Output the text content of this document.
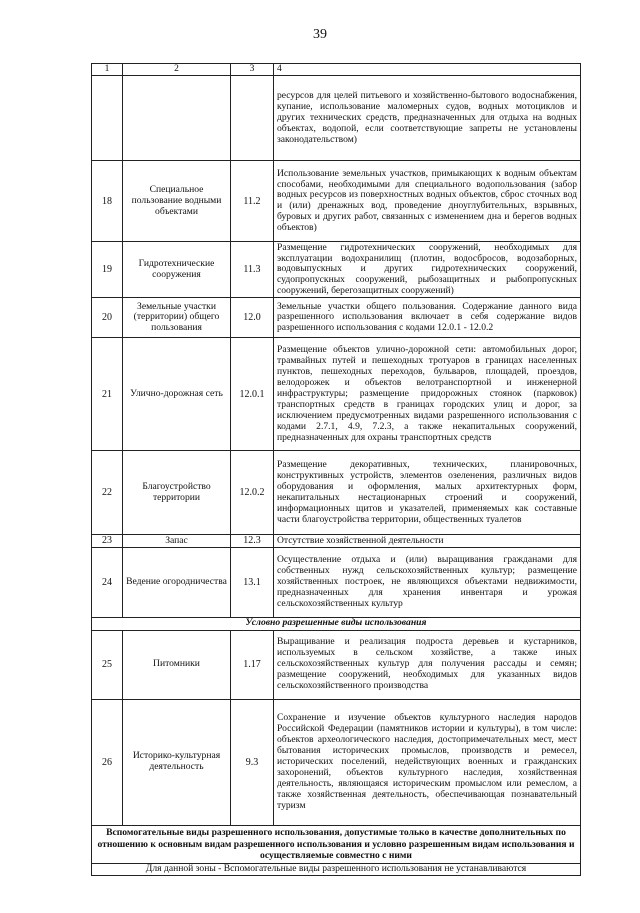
39
1	2	3	4
			ресурсов для целей питьевого и хозяйственно-бытового водоснабжения, купание, использование маломерных судов, водных мотоциклов и других технических средств, предназначенных для отдыха на водных объектах, водопой, если соответствующие запреты не установлены законодательством)
18	Специальное пользование водными объектами	11.2	Использование земельных участков, примыкающих к водным объектам способами, необходимыми для специального водопользования (забор водных ресурсов из поверхностных водных объектов, сброс сточных вод и (или) дренажных вод, проведение дноуглубительных, взрывных, буровых и других работ, связанных с изменением дна и берегов водных объектов)
19	Гидротехнические сооружения	11.3	Размещение гидротехнических сооружений, необходимых для эксплуатации водохранилищ (плотин, водосбросов, водозаборных, водовыпускных и других гидротехнических сооружений, судопропускных сооружений, рыбозащитных и рыбопропускных сооружений, берегозащитных сооружений)
20	Земельные участки (территории) общего пользования	12.0	Земельные участки общего пользования. Содержание данного вида разрешенного использования включает в себя содержание видов разрешенного использования с кодами 12.0.1 - 12.0.2
21	Улично-дорожная сеть	12.0.1	Размещение объектов улично-дорожной сети: автомобильных дорог, трамвайных путей и пешеходных тротуаров в границах населенных пунктов, пешеходных переходов, бульваров, площадей, проездов, велодорожек и объектов велотранспортной и инженерной инфраструктуры; размещение придорожных стоянок (парковок) транспортных средств в границах городских улиц и дорог, за исключением предусмотренных видами разрешенного использования с кодами 2.7.1, 4.9, 7.2.3, а также некапитальных сооружений, предназначенных для охраны транспортных средств
22	Благоустройство территории	12.0.2	Размещение декоративных, технических, планировочных, конструктивных устройств, элементов озеленения, различных видов оборудования и оформления, малых архитектурных форм, некапитальных нестационарных строений и сооружений, информационных щитов и указателей, применяемых как составные части благоустройства территории, общественных туалетов
23	Запас	12.3	Отсутствие хозяйственной деятельности
24	Ведение огородничества	13.1	Осуществление отдыха и (или) выращивания гражданами для собственных нужд сельскохозяйственных культур; размещение хозяйственных построек, не являющихся объектами недвижимости, предназначенных для хранения инвентаря и урожая сельскохозяйственных культур
Условно разрешенные виды использования			
25	Питомники	1.17	Выращивание и реализация подроста деревьев и кустарников, используемых в сельском хозяйстве, а также иных сельскохозяйственных культур для получения рассады и семян; размещение сооружений, необходимых для указанных видов сельскохозяйственного производства
26	Историко-культурная деятельность	9.3	Сохранение и изучение объектов культурного наследия народов Российской Федерации (памятников истории и культуры), в том числе: объектов археологического наследия, достопримечательных мест, мест бытования исторических промыслов, производств и ремесел, исторических поселений, недействующих военных и гражданских захоронений, объектов культурного наследия, хозяйственная деятельность, являющаяся историческим промыслом или ремеслом, а также хозяйственная деятельность, обеспечивающая познавательный туризм
Вспомогательные виды разрешенного использования, допустимые только в качестве дополнительных по отношению к основным видам разрешенного использования и условно разрешенным видам использования и осуществляемые совместно с ними			
Для данной зоны - Вспомогательные виды разрешенного использования не устанавливаются			
